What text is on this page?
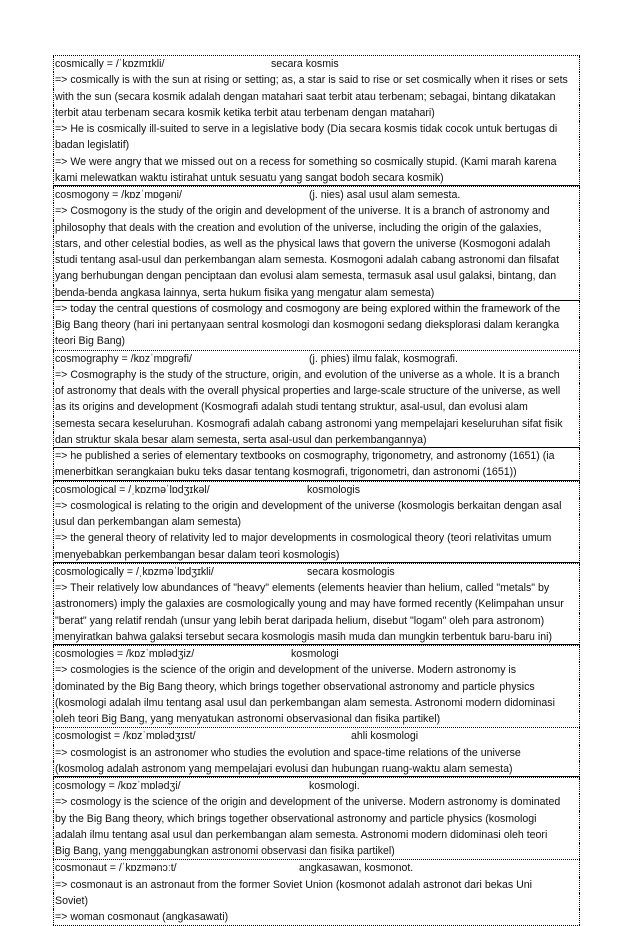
cosmically = /ˈkɒzmɪkli/	secara kosmis
=> cosmically is with the sun at rising or setting; as, a star is said to rise or set cosmically when it rises or sets
with the sun (secara kosmik adalah dengan matahari saat terbit atau terbenam; sebagai, bintang dikatakan
terbit atau terbenam secara kosmik ketika terbit atau terbenam dengan matahari)
=> He is cosmically ill-suited to serve in a legislative body (Dia secara kosmis tidak cocok untuk bertugas di
badan legislatif)
=> We were angry that we missed out on a recess for something so cosmically stupid. (Kami marah karena
kami melewatkan waktu istirahat untuk sesuatu yang sangat bodoh secara kosmik)
cosmogony = /kɒzˈmɒɡəni/	(j. nies) asal usul alam semesta.
=> Cosmogony is the study of the origin and development of the universe. It is a branch of astronomy and
philosophy that deals with the creation and evolution of the universe, including the origin of the galaxies,
stars, and other celestial bodies, as well as the physical laws that govern the universe (Kosmogoni adalah
studi tentang asal-usul dan perkembangan alam semesta. Kosmogoni adalah cabang astronomi dan filsafat
yang berhubungan dengan penciptaan dan evolusi alam semesta, termasuk asal usul galaksi, bintang, dan
benda-benda angkasa lainnya, serta hukum fisika yang mengatur alam semesta)
=> today the central questions of cosmology and cosmogony are being explored within the framework of the
Big Bang theory (hari ini pertanyaan sentral kosmologi dan kosmogoni sedang dieksplorasi dalam kerangka
teori Big Bang)
cosmography = /kɒzˈmɒɡrəfi/	(j. phies) ilmu falak, kosmografi.
=> Cosmography is the study of the structure, origin, and evolution of the universe as a whole. It is a branch
of astronomy that deals with the overall physical properties and large-scale structure of the universe, as well
as its origins and development (Kosmografi adalah studi tentang struktur, asal-usul, dan evolusi alam
semesta secara keseluruhan. Kosmografi adalah cabang astronomi yang mempelajari keseluruhan sifat fisik
dan struktur skala besar alam semesta, serta asal-usul dan perkembangannya)
=> he published a series of elementary textbooks on cosmography, trigonometry, and astronomy (1651) (ia
menerbitkan serangkaian buku teks dasar tentang kosmografi, trigonometri, dan astronomi (1651))
cosmological = /ˌkɒzməˈlɒdʒɪkəl/	kosmologis
=> cosmological is relating to the origin and development of the universe (kosmologis berkaitan dengan asal
usul dan perkembangan alam semesta)
=> the general theory of relativity led to major developments in cosmological theory (teori relativitas umum
menyebabkan perkembangan besar dalam teori kosmologis)
cosmologically = /ˌkɒzməˈlɒdʒɪkli/	secara kosmologis
=> Their relatively low abundances of "heavy" elements (elements heavier than helium, called "metals" by
astronomers) imply the galaxies are cosmologically young and may have formed recently (Kelimpahan unsur
"berat" yang relatif rendah (unsur yang lebih berat daripada helium, disebut "logam" oleh para astronom)
menyiratkan bahwa galaksi tersebut secara kosmologis masih muda dan mungkin terbentuk baru-baru ini)
cosmologies = /kɒzˈmɒlədʒiz/	kosmologi
=> cosmologies is the science of the origin and development of the universe. Modern astronomy is
dominated by the Big Bang theory, which brings together observational astronomy and particle physics
(kosmologi adalah ilmu tentang asal usul dan perkembangan alam semesta. Astronomi modern didominasi
oleh teori Big Bang, yang menyatukan astronomi observasional dan fisika partikel)
cosmologist = /kɒzˈmɒlədʒɪst/	ahli kosmologi
=> cosmologist is an astronomer who studies the evolution and space-time relations of the universe
(kosmolog adalah astronom yang mempelajari evolusi dan hubungan ruang-waktu alam semesta)
cosmology = /kɒzˈmɒlədʒi/	kosmologi.
=> cosmology is the science of the origin and development of the universe. Modern astronomy is dominated
by the Big Bang theory, which brings together observational astronomy and particle physics (kosmologi
adalah ilmu tentang asal usul dan perkembangan alam semesta. Astronomi modern didominasi oleh teori
Big Bang, yang menggabungkan astronomi observasi dan fisika partikel)
cosmonaut = /ˈkɒzmənɔːt/	angkasawan, kosmonot.
=> cosmonaut is an astronaut from the former Soviet Union (kosmonot adalah astronot dari bekas Uni
Soviet)
=> woman cosmonaut (angkasawati)
